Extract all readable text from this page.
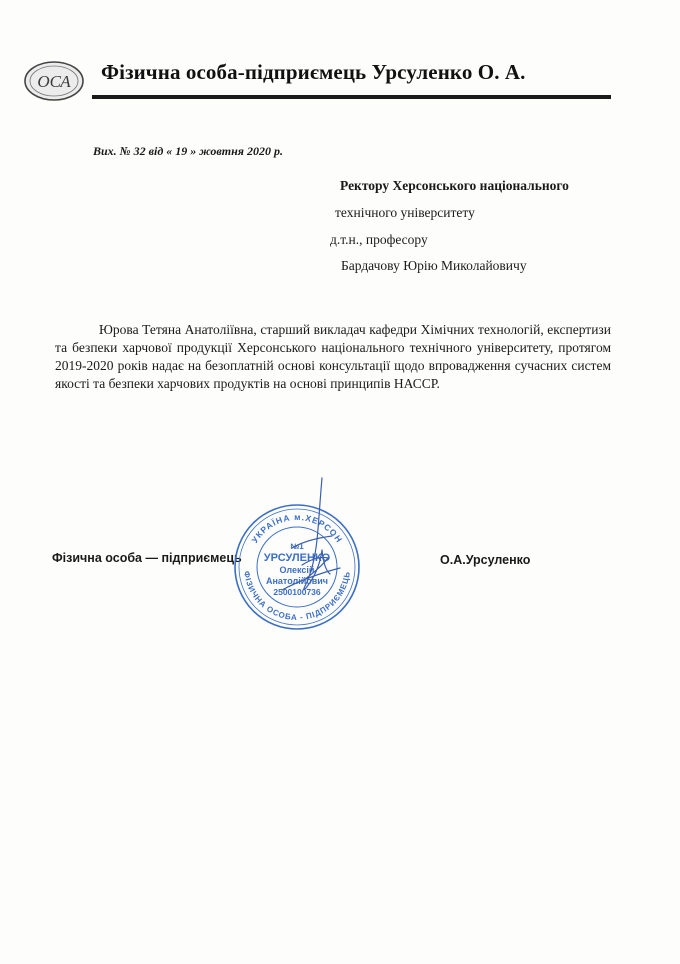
ОСА Фізична особа-підприємець Урсуленко О. А.
Вих. № 32 від « 19 » жовтня 2020 р.
Ректору Херсонського національного
технічного університету
д.т.н., професору
Бардачову Юрію Миколайовичу
Юрова Тетяна Анатоліївна, старший викладач кафедри Хімічних технологій, експертизи та безпеки харчової продукції Херсонського національного технічного університету, протягом 2019-2020 років надає на безоплатній основі консультації щодо впровадження сучасних систем якості та безпеки харчових продуктів на основі принципів НАССР.
Фізична особа — підприємець	О.А.Урсуленко
УКРАЇНА м.ХЕРСОН
ФІЗИЧНА ОСОБА - ПІДПРИЄМЕЦЬ
№1
УРСУЛЕНКО
Олексій
Анатолійович
2500100736
